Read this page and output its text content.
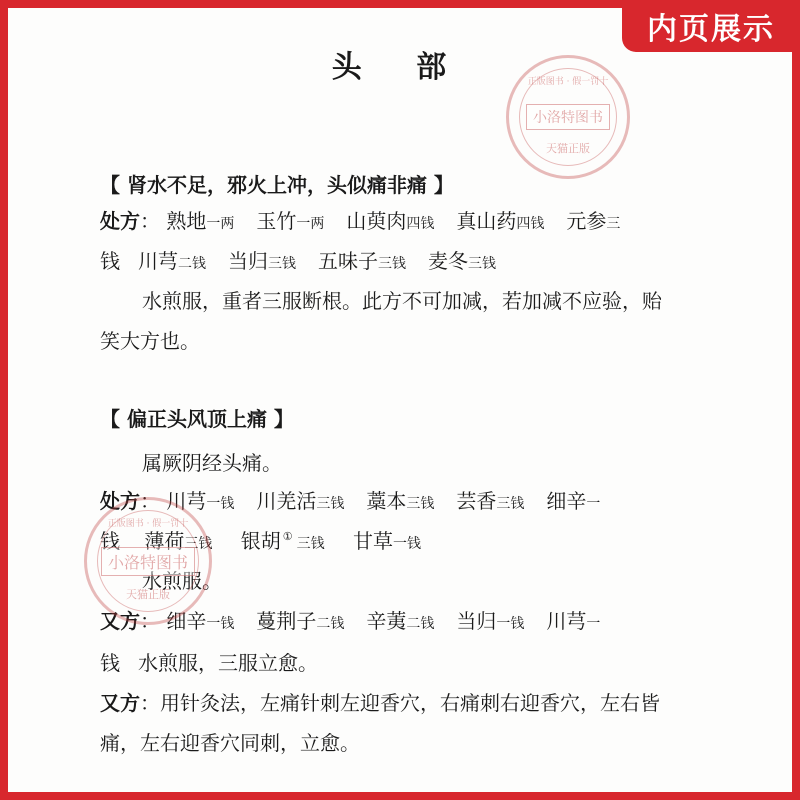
内页展示
正版图书 · 假一罚十
小洛特图书
天猫正版
头 部
【 肾水不足，邪火上冲，头似痛非痛 】
处方： 熟地一两 玉竹一两 山萸肉四钱 真山药四钱 元参三
钱 川芎二钱 当归三钱 五味子三钱 麦冬三钱
水煎服，重者三服断根。此方不可加减，若加减不应验，贻
笑大方也。
【 偏正头风顶上痛 】
属厥阴经头痛。
处方： 川芎一钱 川羌活三钱 藁本三钱 芸香三钱 细辛一
钱 薄荷三钱 银胡 ① 三钱 甘草一钱
水煎服。
又方： 细辛一钱 蔓荆子二钱 辛荑二钱 当归一钱 川芎一
钱 水煎服，三服立愈。
又方：用针灸法，左痛针刺左迎香穴，右痛刺右迎香穴，左右皆
痛，左右迎香穴同刺，立愈。
正版图书 · 假一罚十
小洛特图书
天猫正版
